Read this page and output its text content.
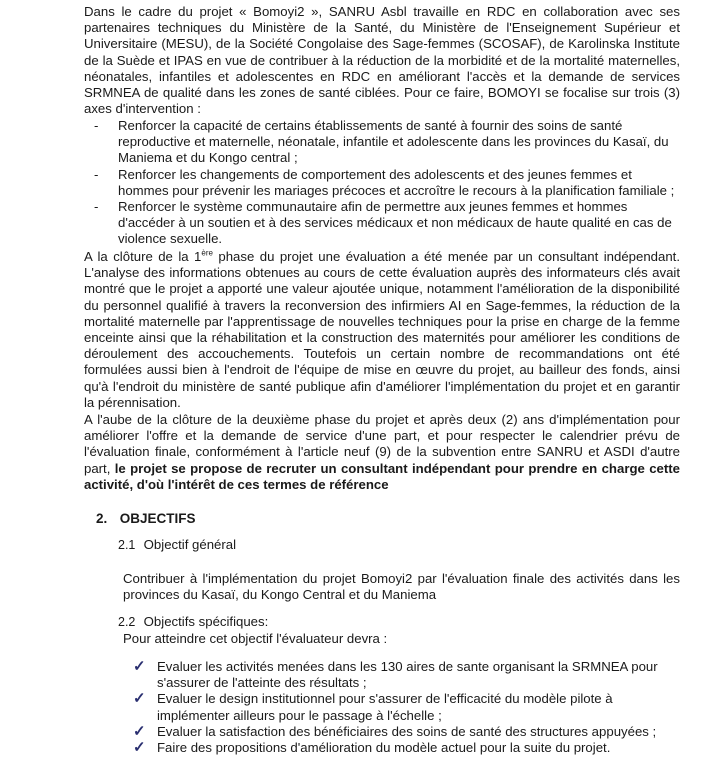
Dans le cadre du projet « Bomoyi2 », SANRU Asbl travaille en RDC en collaboration avec ses partenaires techniques du Ministère de la Santé, du Ministère de l'Enseignement Supérieur et Universitaire (MESU), de la Société Congolaise des Sage-femmes (SCOSAF), de Karolinska Institute de la Suède et IPAS en vue de contribuer à la réduction de la morbidité et de la mortalité maternelles, néonatales, infantiles et adolescentes en RDC en améliorant l'accès et la demande de services SRMNEA de qualité dans les zones de santé ciblées. Pour ce faire, BOMOYI se focalise sur trois (3) axes d'intervention :

- Renforcer la capacité de certains établissements de santé à fournir des soins de santé reproductive et maternelle, néonatale, infantile et adolescente dans les provinces du Kasaï, du Maniema et du Kongo central ;
- Renforcer les changements de comportement des adolescents et des jeunes femmes et hommes pour prévenir les mariages précoces et accroître le recours à la planification familiale ;
- Renforcer le système communautaire afin de permettre aux jeunes femmes et hommes d'accéder à un soutien et à des services médicaux et non médicaux de haute qualité en cas de violence sexuelle.

A la clôture de la 1ère phase du projet une évaluation a été menée par un consultant indépendant. L'analyse des informations obtenues au cours de cette évaluation auprès des informateurs clés avait montré que le projet a apporté une valeur ajoutée unique, notamment l'amélioration de la disponibilité du personnel qualifié à travers la reconversion des infirmiers AI en Sage-femmes, la réduction de la mortalité maternelle par l'apprentissage de nouvelles techniques pour la prise en charge de la femme enceinte ainsi que la réhabilitation et la construction des maternités pour améliorer les conditions de déroulement des accouchements. Toutefois un certain nombre de recommandations ont été formulées aussi bien à l'endroit de l'équipe de mise en œuvre du projet, au bailleur des fonds, ainsi qu'à l'endroit du ministère de santé publique afin d'améliorer l'implémentation du projet et en garantir la pérennisation.

A l'aube de la clôture de la deuxième phase du projet et après deux (2) ans d'implémentation pour améliorer l'offre et la demande de service d'une part, et pour respecter le calendrier prévu de l'évaluation finale, conformément à l'article neuf (9) de la subvention entre SANRU et ASDI d'autre part, le projet se propose de recruter un consultant indépendant pour prendre en charge cette activité, d'où l'intérêt de ces termes de référence

2. OBJECTIFS

2.1 Objectif général

Contribuer à l'implémentation du projet Bomoyi2 par l'évaluation finale des activités dans les provinces du Kasaï, du Kongo Central et du Maniema

2.2 Objectifs spécifiques:

Pour atteindre cet objectif l'évaluateur devra :

✓ Evaluer les activités menées dans les 130 aires de sante organisant la SRMNEA pour s'assurer de l'atteinte des résultats ;
✓ Evaluer le design institutionnel pour s'assurer de l'efficacité du modèle pilote à implémenter ailleurs pour le passage à l'échelle ;
✓ Evaluer la satisfaction des bénéficiaires des soins de santé des structures appuyées ;
✓ Faire des propositions d'amélioration du modèle actuel pour la suite du projet.
